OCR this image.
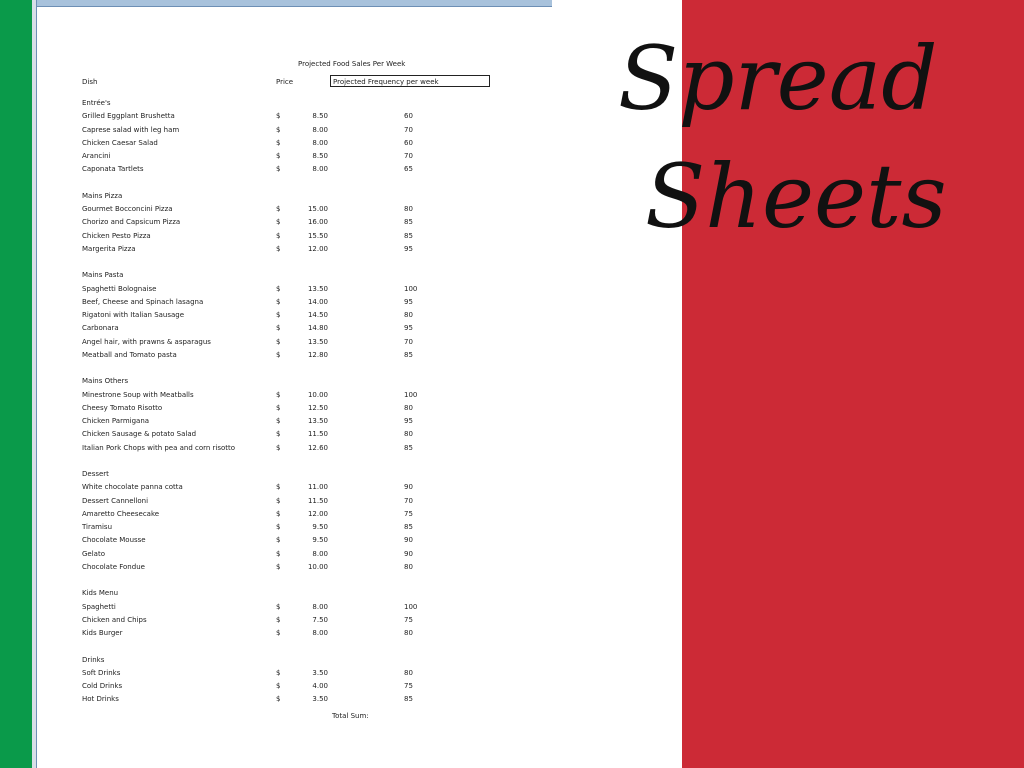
Projected Food Sales Per Week
Dish	Price	Projected Frequency per week
Entrée's
Grilled Eggplant Brushetta	$	8.50	60
Caprese salad with leg ham	$	8.00	70
Chicken Caesar Salad	$	8.00	60
Arancini	$	8.50	70
Caponata Tartlets	$	8.00	65
Mains Pizza
Gourmet Bocconcini Pizza	$	15.00	80
Chorizo and Capsicum Pizza	$	16.00	85
Chicken Pesto Pizza	$	15.50	85
Margerita Pizza	$	12.00	95
Mains Pasta
Spaghetti Bolognaise	$	13.50	100
Beef, Cheese and Spinach lasagna	$	14.00	95
Rigatoni with Italian Sausage	$	14.50	80
Carbonara	$	14.80	95
Angel hair, with prawns & asparagus	$	13.50	70
Meatball and Tomato pasta	$	12.80	85
Mains Others
Minestrone Soup with Meatballs	$	10.00	100
Cheesy Tomato Risotto	$	12.50	80
Chicken Parmigana	$	13.50	95
Chicken Sausage & potato Salad	$	11.50	80
Italian Pork Chops with pea and corn risotto	$	12.60	85
Dessert
White chocolate panna cotta	$	11.00	90
Dessert Cannelloni	$	11.50	70
Amaretto Cheesecake	$	12.00	75
Tiramisu	$	9.50	85
Chocolate Mousse	$	9.50	90
Gelato	$	8.00	90
Chocolate Fondue	$	10.00	80
Kids Menu
Spaghetti	$	8.00	100
Chicken and Chips	$	7.50	75
Kids Burger	$	8.00	80
Drinks
Soft Drinks	$	3.50	80
Cold Drinks	$	4.00	75
Hot Drinks	$	3.50	85
Total Sum:
Spread
Sheets
